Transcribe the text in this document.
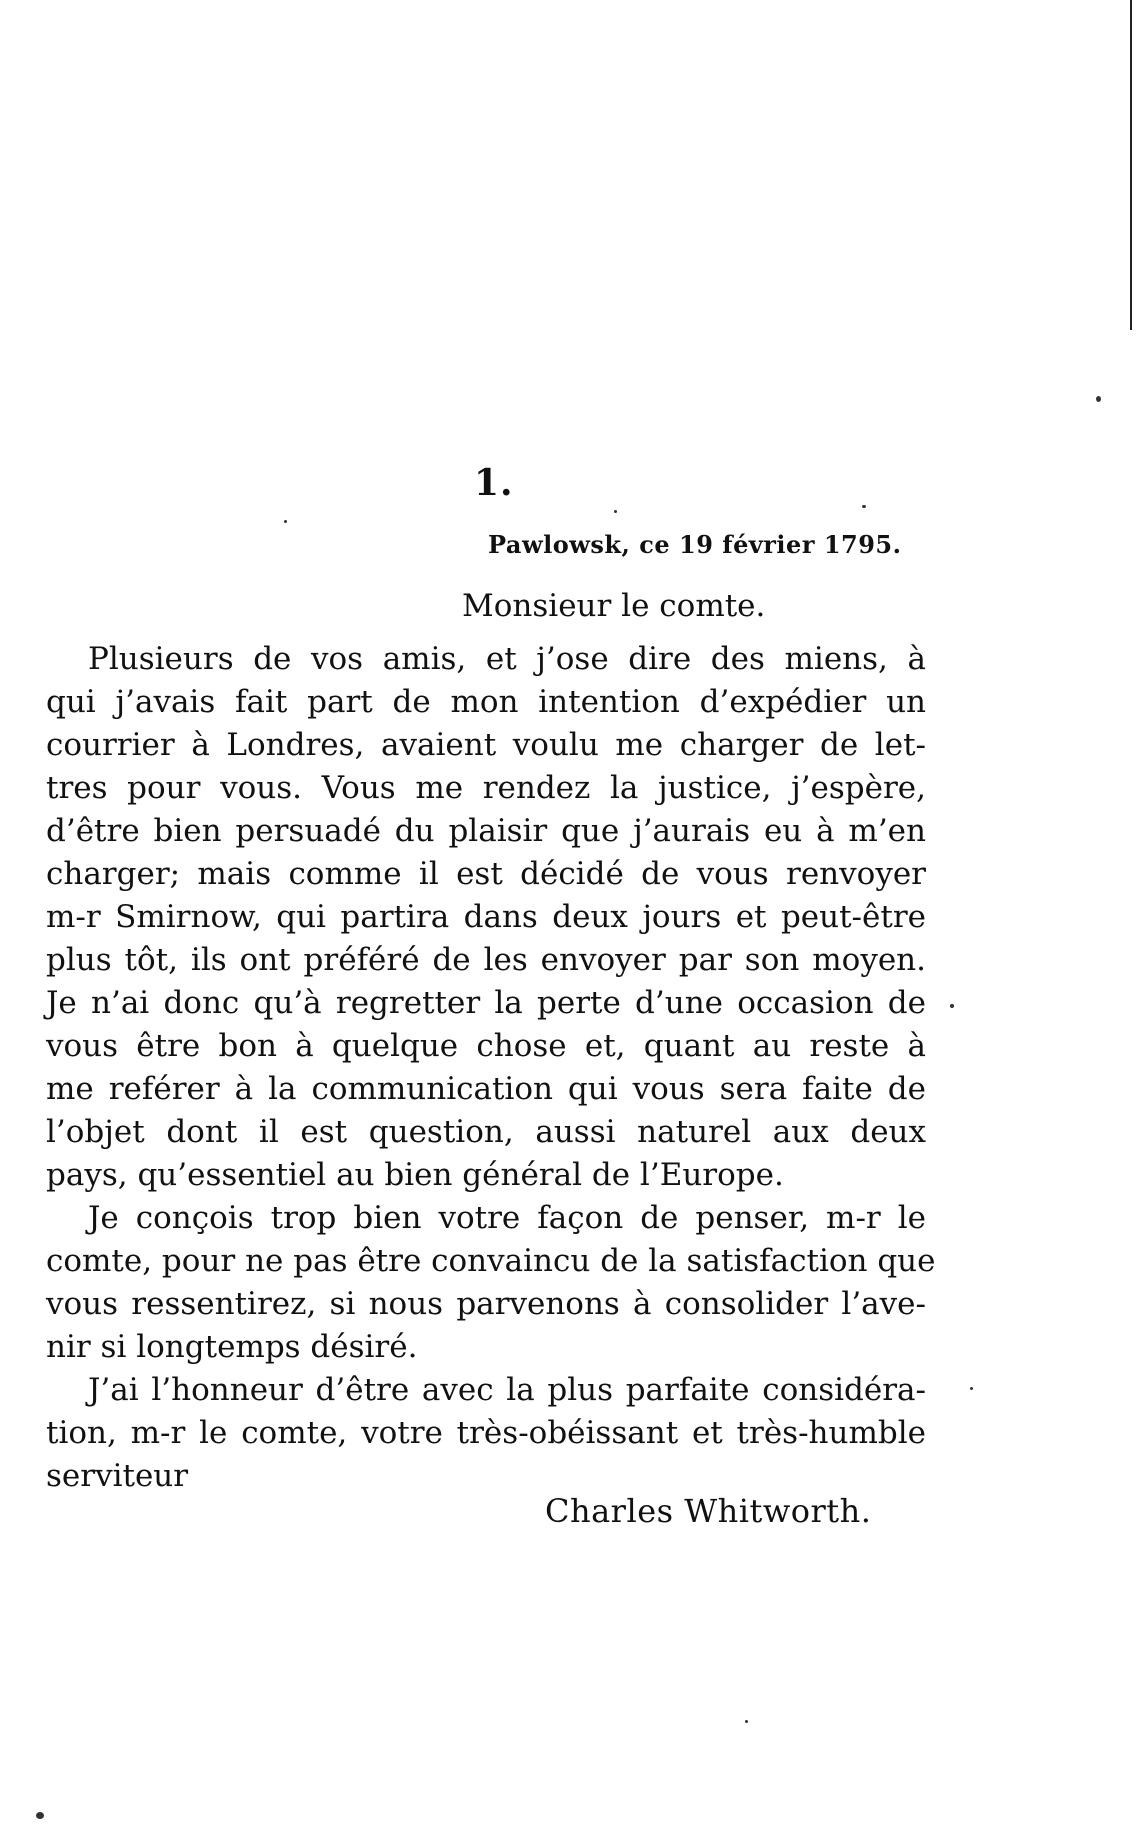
1.
Pawlowsk, ce 19 février 1795.
Monsieur le comte.
Plusieurs de vos amis, et j’ose dire des miens, à
qui j’avais fait part de mon intention d’expédier un
courrier à Londres, avaient voulu me charger de let-
tres pour vous. Vous me rendez la justice, j’espère,
d’être bien persuadé du plaisir que j’aurais eu à m’en
charger; mais comme il est décidé de vous renvoyer
m-r Smirnow, qui partira dans deux jours et peut-être
plus tôt, ils ont préféré de les envoyer par son moyen.
Je n’ai donc qu’à regretter la perte d’une occasion de
vous être bon à quelque chose et, quant au reste à
me reférer à la communication qui vous sera faite de
l’objet dont il est question, aussi naturel aux deux
pays, qu’essentiel au bien général de l’Europe.
Je conçois trop bien votre façon de penser, m-r le
comte, pour ne pas être convaincu de la satisfaction que
vous ressentirez, si nous parvenons à consolider l’ave-
nir si longtemps désiré.
J’ai l’honneur d’être avec la plus parfaite considéra-
tion, m-r le comte, votre très-obéissant et très-humble
serviteur
Charles Whitworth.
